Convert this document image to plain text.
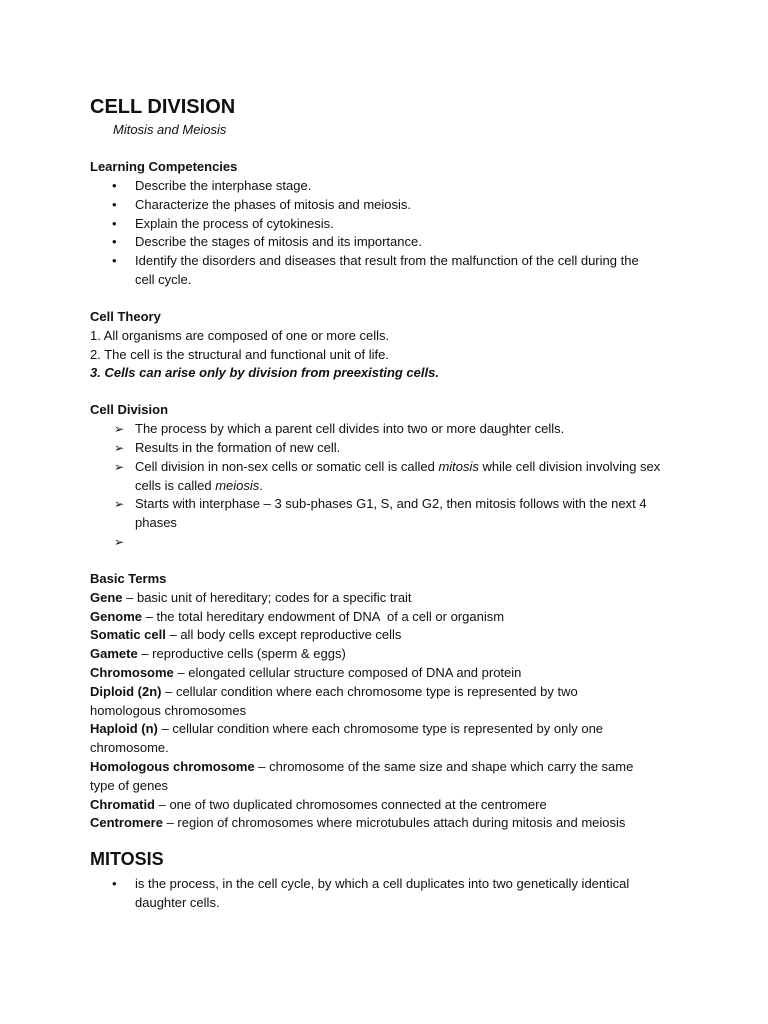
CELL DIVISION
Mitosis and Meiosis
Learning Competencies
• Describe the interphase stage.
• Characterize the phases of mitosis and meiosis.
• Explain the process of cytokinesis.
• Describe the stages of mitosis and its importance.
• Identify the disorders and diseases that result from the malfunction of the cell during the cell cycle.
Cell Theory
1. All organisms are composed of one or more cells.
2. The cell is the structural and functional unit of life.
3. Cells can arise only by division from preexisting cells.
Cell Division
➢ The process by which a parent cell divides into two or more daughter cells.
➢ Results in the formation of new cell.
➢ Cell division in non-sex cells or somatic cell is called mitosis while cell division involving sex cells is called meiosis.
➢ Starts with interphase – 3 sub-phases G1, S, and G2, then mitosis follows with the next 4 phases
➢
Basic Terms
Gene – basic unit of hereditary; codes for a specific trait
Genome – the total hereditary endowment of DNA  of a cell or organism
Somatic cell – all body cells except reproductive cells
Gamete – reproductive cells (sperm & eggs)
Chromosome – elongated cellular structure composed of DNA and protein
Diploid (2n) – cellular condition where each chromosome type is represented by two homologous chromosomes
Haploid (n) – cellular condition where each chromosome type is represented by only one chromosome.
Homologous chromosome – chromosome of the same size and shape which carry the same type of genes
Chromatid – one of two duplicated chromosomes connected at the centromere
Centromere – region of chromosomes where microtubules attach during mitosis and meiosis
MITOSIS
• is the process, in the cell cycle, by which a cell duplicates into two genetically identical daughter cells.
